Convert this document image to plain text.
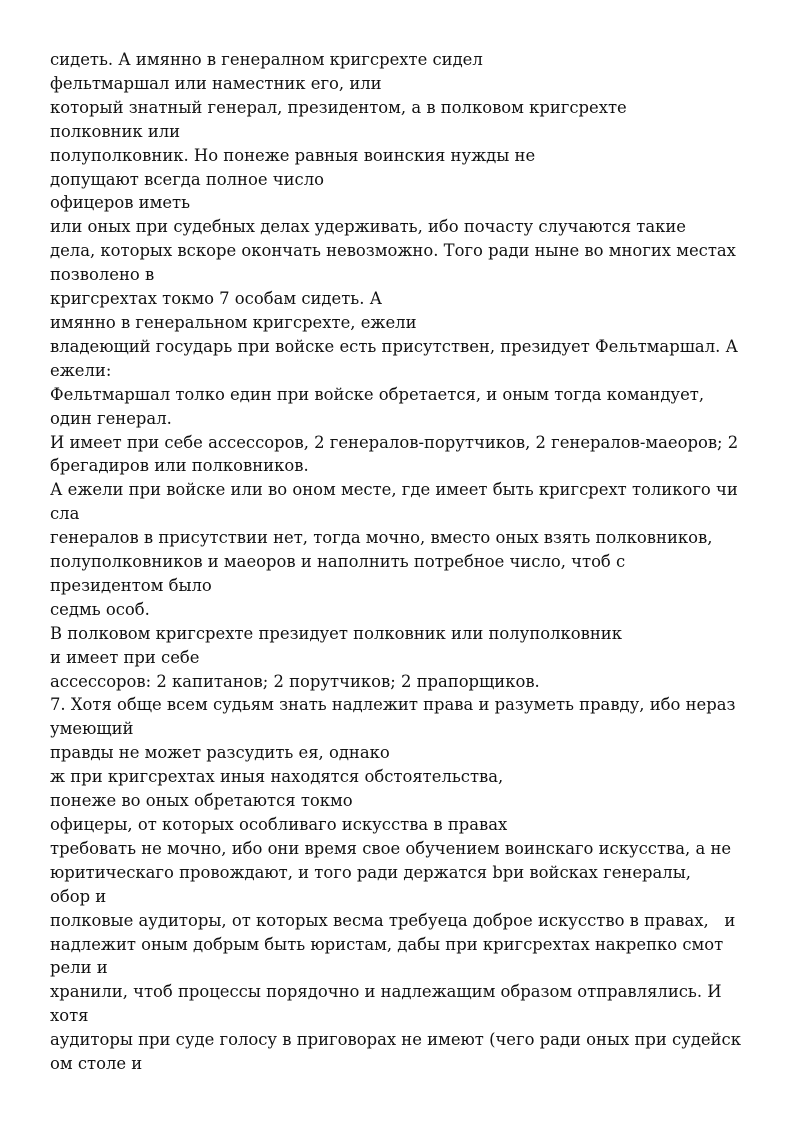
сидеть. А имянно в генералном кригсрехте сидел
фельтмаршал или наместник его, или
который знатный генерал, президентом, а в полковом кригсрехте
полковник или
полуполковник. Но понеже равныя воинския нужды не
допущают всегда полное число
офицеров иметь
или оных при судебных делах удерживать, ибо почасту случаются такие
дела, которых вскоре окончать невозможно. Того ради ныне во многих местах
позволено в
кригсрехтах токмо 7 особам сидеть. А
имянно в генеральном кригсрехте, ежели
владеющий государь при войске есть присутствен, президует Фельтмаршал. А
ежели:
Фельтмаршал толко един при войске обретается, и оным тогда командует,
один генерал.
И имеет при себе ассессоров, 2 генералов-порутчиков, 2 генералов-маеоров; 2
брегадиров или полковников.
А ежели при войске или во оном месте, где имеет быть кригсрехт толикого чи
сла
генералов в присутствии нет, тогда мочно, вместо оных взять полковников,
полуполковников и маеоров и наполнить потребное число, чтоб с
президентом было
седмь особ.
В полковом кригсрехте президует полковник или полуполковник
и имеет при себе
ассессоров: 2 капитанов; 2 порутчиков; 2 прапорщиков.
7. Хотя обще всем судьям знать надлежит права и разуметь правду, ибо нераз
умеющий
правды не может разсудить ея, однако
ж при кригсрехтах иныя находятся обстоятельства,
понеже во оных обретаются токмо
офицеры, от которых особливаго искусства в правах
требовать не мочно, ибо они время свое обучением воинскаго искусства, а не
юритическаго провождают, и того ради держатся bри войсках генералы,
обор и
полковые аудиторы, от которых весма требуеца доброе искусство в правах,   и
надлежит оным добрым быть юристам, дабы при кригсрехтах накрепко смот
рели и
хранили, чтоб процессы порядочно и надлежащим образом отправлялись. И
хотя
аудиторы при суде голосу в приговорах не имеют (чего ради оных при судейск
ом столе и
